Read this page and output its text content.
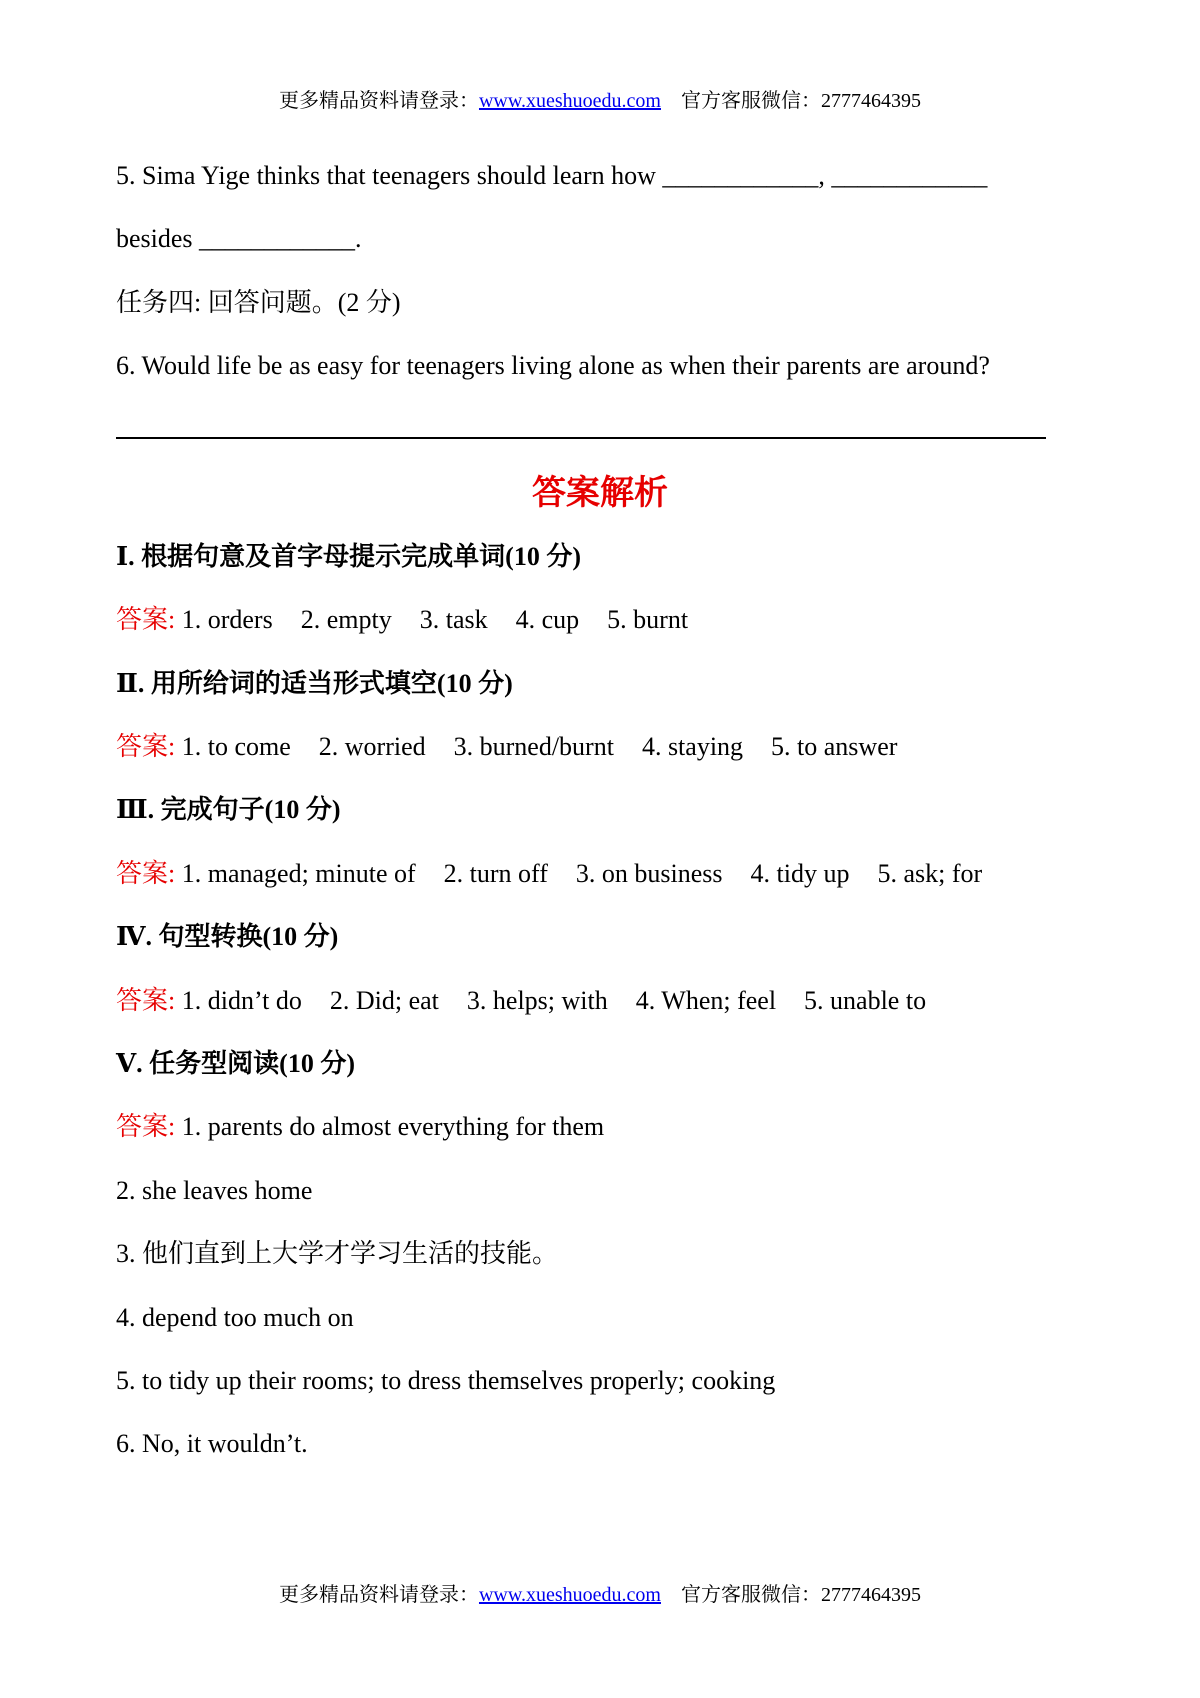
更多精品资料请登录：www.xueshuoedu.com 官方客服微信：2777464395
5. Sima Yige thinks that teenagers should learn how ____________, ____________
besides ____________.
任务四: 回答问题。(2 分)
6. Would life be as easy for teenagers living alone as when their parents are around?
答案解析
Ⅰ. 根据句意及首字母提示完成单词(10 分)
答案: 1. orders 2. empty 3. task 4. cup 5. burnt
Ⅱ. 用所给词的适当形式填空(10 分)
答案: 1. to come 2. worried 3. burned/burnt 4. staying 5. to answer
Ⅲ. 完成句子(10 分)
答案: 1. managed; minute of 2. turn off 3. on business 4. tidy up 5. ask; for
Ⅳ. 句型转换(10 分)
答案: 1. didn’t do 2. Did; eat 3. helps; with 4. When; feel 5. unable to
Ⅴ. 任务型阅读(10 分)
答案: 1. parents do almost everything for them
2. she leaves home
3. 他们直到上大学才学习生活的技能。
4. depend too much on
5. to tidy up their rooms; to dress themselves properly; cooking
6. No, it wouldn’t.
更多精品资料请登录：www.xueshuoedu.com 官方客服微信：2777464395
